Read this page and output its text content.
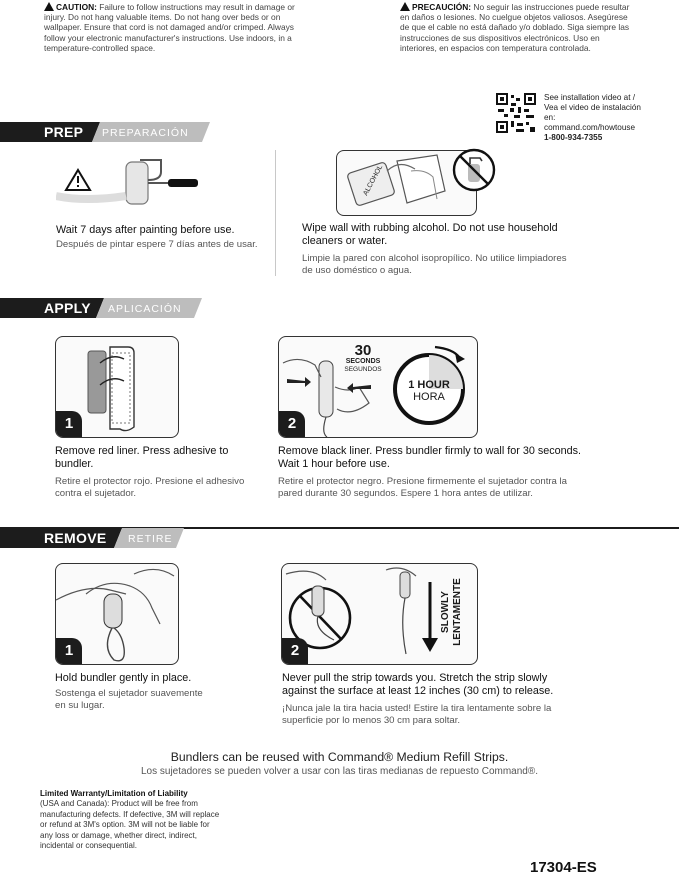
CAUTION: Failure to follow instructions may result in damage or injury. Do not hang valuable items. Do not hang over beds or on wallpaper. Ensure that cord is not damaged and/or crimped. Always follow your electronic manufacturer's instructions. Use indoors, in a temperature-controlled space.
PRECAUCIÓN: No seguir las instrucciones puede resultar en daños o lesiones. No cuelgue objetos valiosos. Asegúrese de que el cable no está dañado y/o doblado. Siga siempre las instrucciones de sus dispositivos electrónicos. Uso en interiores, en espacios con temperatura controlada.
See installation video at / Vea el video de instalación en:
command.com/howtouse
1-800-934-7355
PREP PREPARACIÓN
Wait 7 days after painting before use.
Después de pintar espere 7 días antes de usar.
ALCOHOL
Wipe wall with rubbing alcohol. Do not use household cleaners or water.
Limpie la pared con alcohol isopropílico. No utilice limpiadores de uso doméstico o agua.
APPLY APLICACIÓN
1
Remove red liner. Press adhesive to bundler.
Retire el protector rojo. Presione el adhesivo contra el sujetador.
2
30
SECONDS
SEGUNDOS
1 HOUR
HORA
Remove black liner. Press bundler firmly to wall for 30 seconds. Wait 1 hour before use.
Retire el protector negro. Presione firmemente el sujetador contra la pared durante 30 segundos. Espere 1 hora antes de utilizar.
REMOVE RETIRE
1
Hold bundler gently in place.
Sostenga el sujetador suavemente en su lugar.
2
SLOWLY LENTAMENTE
Never pull the strip towards you. Stretch the strip slowly against the surface at least 12 inches (30 cm) to release.
¡Nunca jale la tira hacia usted! Estire la tira lentamente sobre la superficie por lo menos 30 cm para soltar.
Bundlers can be reused with Command® Medium Refill Strips.
Los sujetadores se pueden volver a usar con las tiras medianas de repuesto Command®.
Limited Warranty/Limitation of Liability
(USA and Canada): Product will be free from manufacturing defects. If defective, 3M will replace or refund at 3M's option. 3M will not be liable for any loss or damage, whether direct, indirect, incidental or consequential.
17304-ES
